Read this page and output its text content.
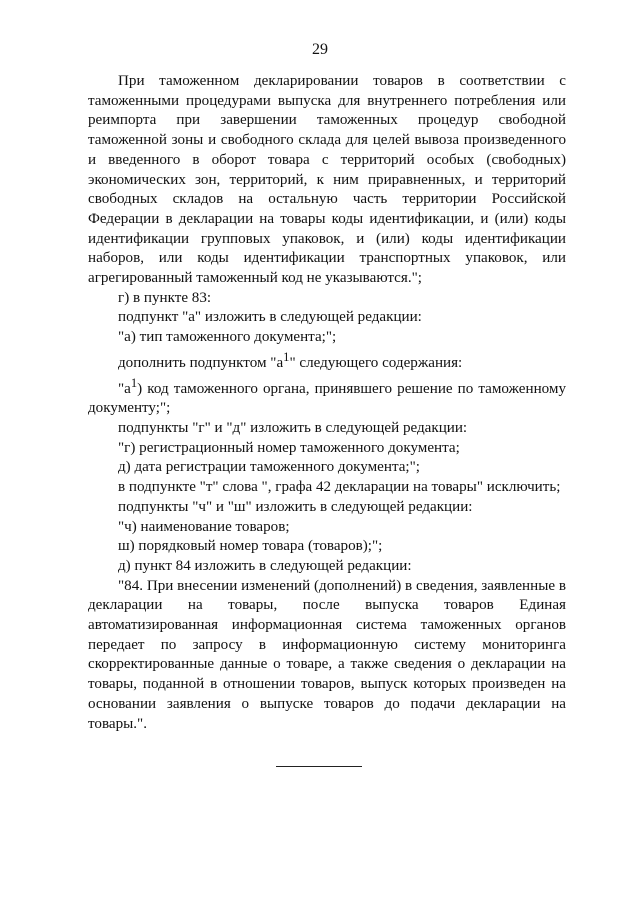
29

При таможенном декларировании товаров в соответствии с таможенными процедурами выпуска для внутреннего потребления или реимпорта при завершении таможенных процедур свободной таможенной зоны и свободного склада для целей вывоза произведенного и введенного в оборот товара с территорий особых (свободных) экономических зон, территорий, к ним приравненных, и территорий свободных складов на остальную часть территории Российской Федерации в декларации на товары коды идентификации, и (или) коды идентификации групповых упаковок, и (или) коды идентификации наборов, или коды идентификации транспортных упаковок, или агрегированный таможенный код не указываются.";

г) в пункте 83:

подпункт "а" изложить в следующей редакции:

"а) тип таможенного документа;";

дополнить подпунктом "$а^1$" следующего содержания:

"$а^1$) код таможенного органа, принявшего решение по таможенному документу;";

подпункты "г" и "д" изложить в следующей редакции:

"г) регистрационный номер таможенного документа;

д) дата регистрации таможенного документа;";

в подпункте "т" слова ", графа 42 декларации на товары" исключить;

подпункты "ч" и "ш" изложить в следующей редакции:

"ч) наименование товаров;

ш) порядковый номер товара (товаров);";

д) пункт 84 изложить в следующей редакции:

"84. При внесении изменений (дополнений) в сведения, заявленные в декларации на товары, после выпуска товаров Единая автоматизированная информационная система таможенных органов передает по запросу в информационную систему мониторинга скорректированные данные о товаре, а также сведения о декларации на товары, поданной в отношении товаров, выпуск которых произведен на основании заявления о выпуске товаров до подачи декларации на товары.".
